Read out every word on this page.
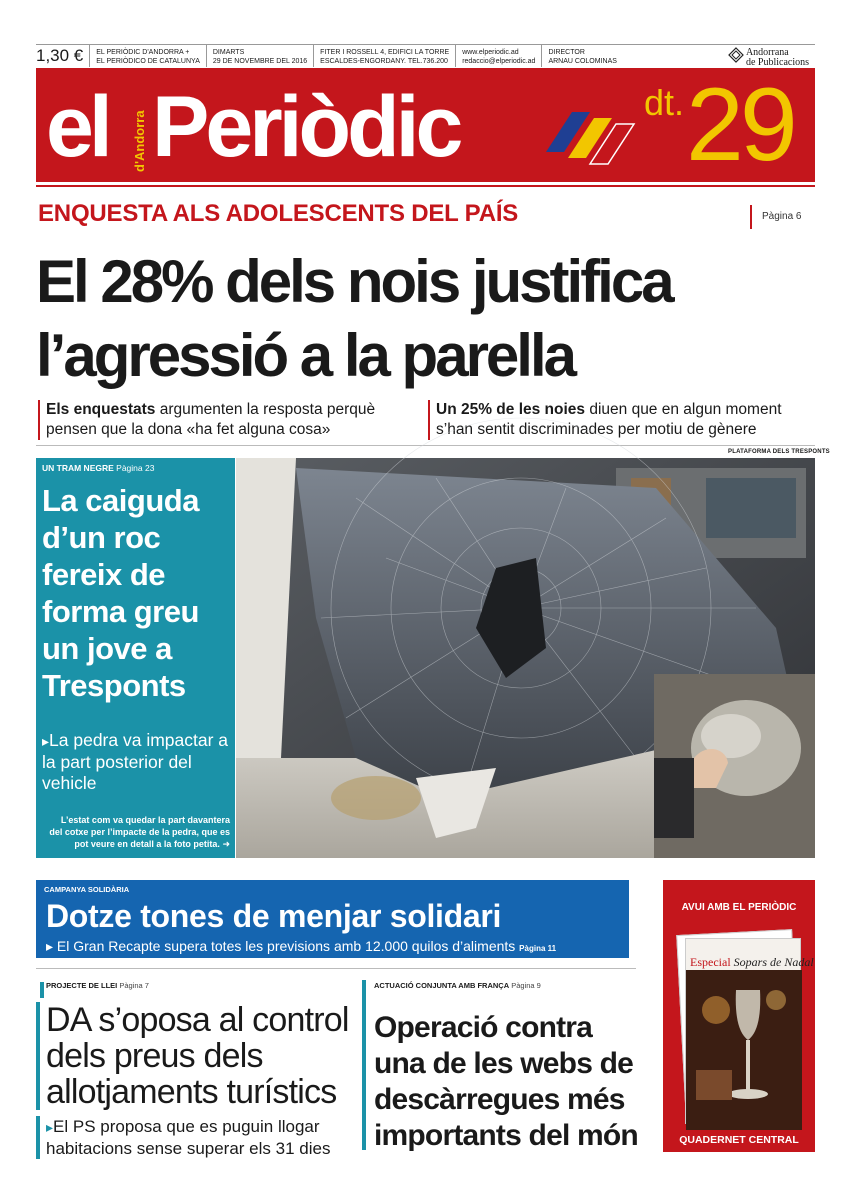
1,30 €	EL PERIÒDIC D'ANDORRA +
EL PERIÒDICO DE CATALUNYA
DIMARTS
29 DE NOVEMBRE DEL 2016
FITER I ROSSELL 4, EDIFICI LA TORRE
ESCALDES-ENGORDANY. TEL.736.200
www.elperiodic.ad
redaccio@elperiodic.ad
DIRECTOR
ARNAU COLOMINAS
Andorrana
de Publicacions
el d'Andorra Periòdic	dt. 29
ENQUESTA ALS ADOLESCENTS DEL PAÍS	Pàgina 6
El 28% dels nois justifica
l’agressió a la parella
Els enquestats argumenten la resposta perquè pensen que la dona «ha fet alguna cosa»
Un 25% de les noies diuen que en algun moment s’han sentit discriminades per motiu de gènere
PLATAFORMA DELS TRESPONTS
UN TRAM NEGRE Pàgina 23
La caiguda d’un roc fereix de forma greu un jove a Tresponts
▸La pedra va impactar a la part posterior del vehicle
L’estat com va quedar la part davantera del cotxe per l’impacte de la pedra, que es pot veure en detall a la foto petita. ➜
CAMPANYA SOLIDÀRIA
Dotze tones de menjar solidari
▸ El Gran Recapte supera totes les previsions amb 12.000 quilos d’aliments Pàgina 11
PROJECTE DE LLEI Pàgina 7
DA s’oposa al control dels preus dels allotjaments turístics
▸El PS proposa que es puguin llogar habitacions sense superar els 31 dies
ACTUACIÓ CONJUNTA AMB FRANÇA Pàgina 9
Operació contra una de les webs de descàrregues més importants del món
AVUI AMB EL PERIÒDIC
Especial Sopars de Nadal
QUADERNET CENTRAL
